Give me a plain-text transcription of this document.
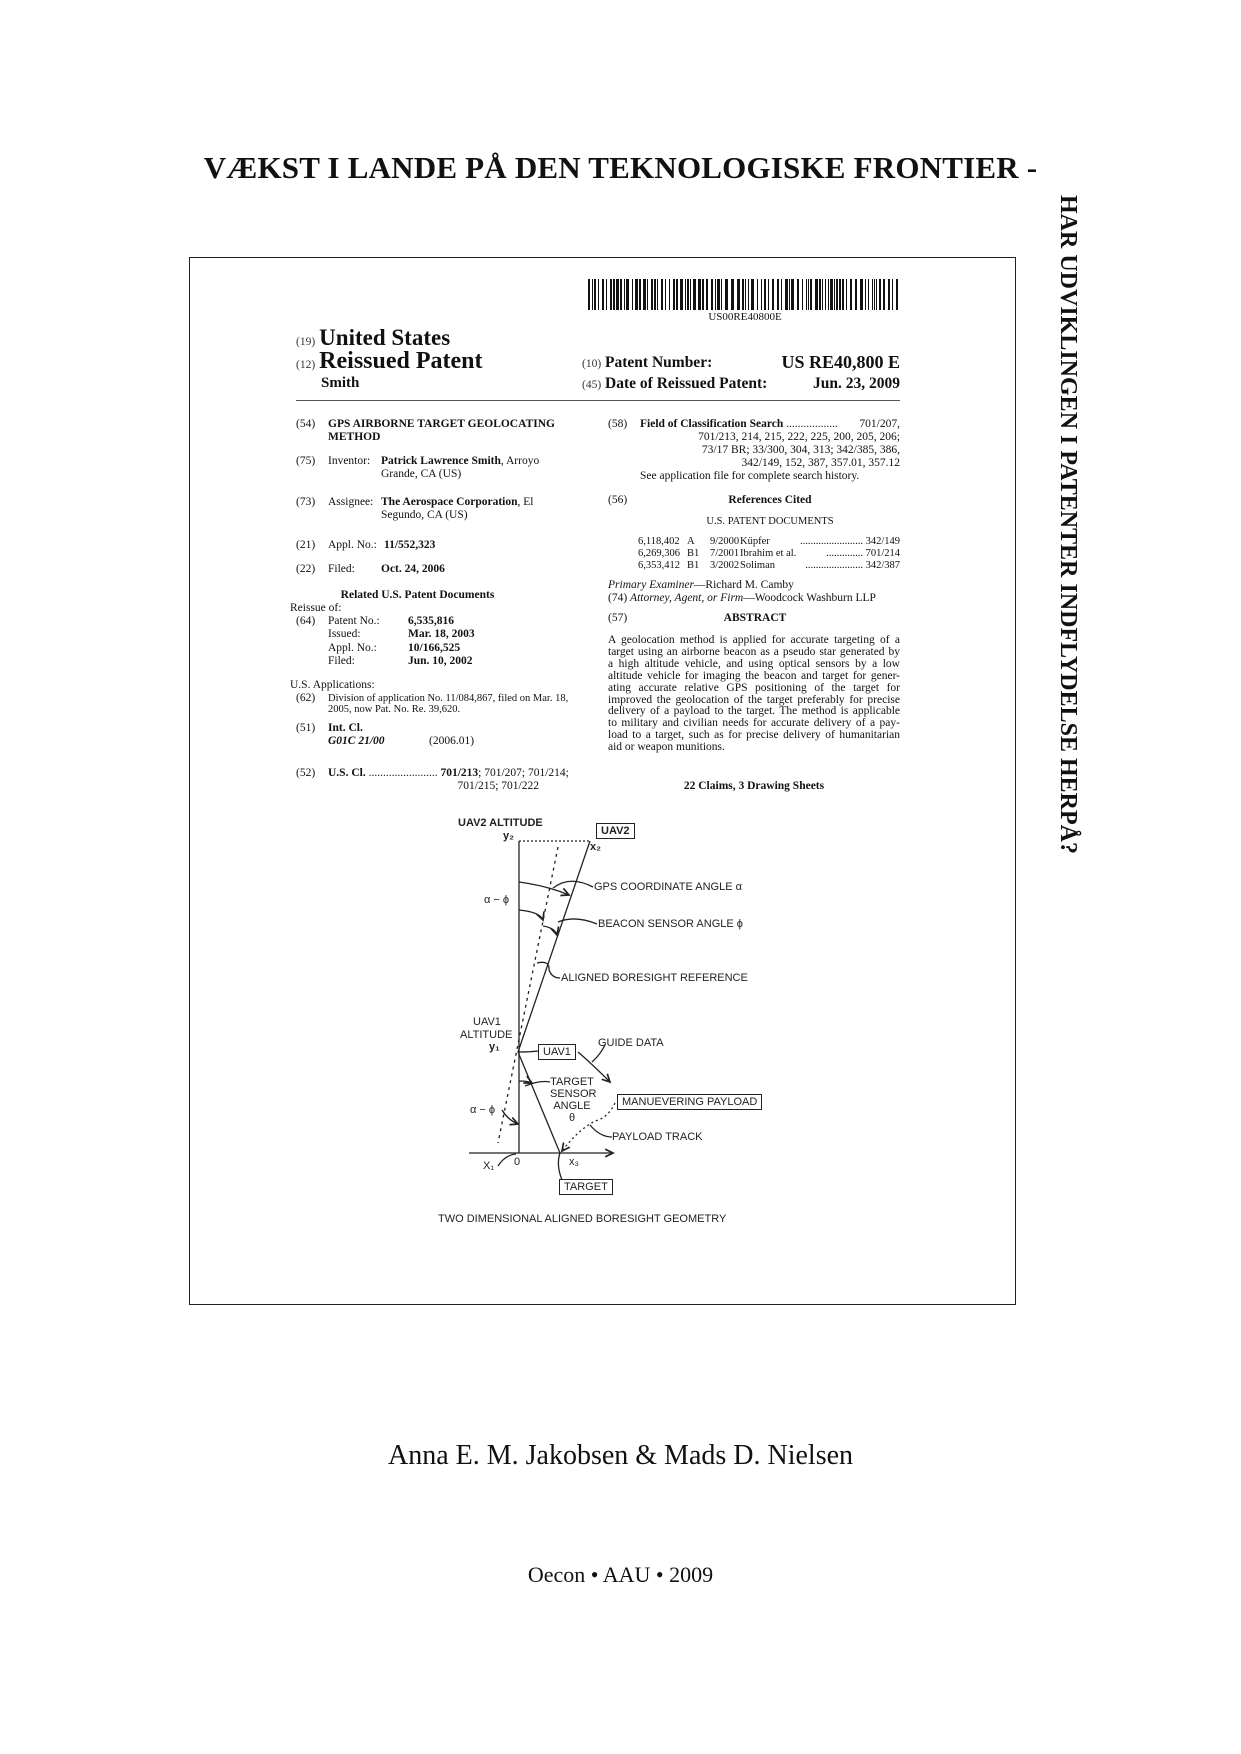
VÆKST I LANDE PÅ DEN TEKNOLOGISKE FRONTIER -
HAR UDVIKLINGEN I PATENTER INDFLYDELSE HERPÅ?
US00RE40800E
(19) United States
(12) Reissued Patent
Smith
(10) Patent Number:	US RE40,800 E
(45) Date of Reissued Patent:	Jun. 23, 2009
(54) GPS AIRBORNE TARGET GEOLOCATING

METHOD
(75) Inventor: Patrick Lawrence Smith, Arroyo

Grande, CA (US)
(73) Assignee: The Aerospace Corporation, El

Segundo, CA (US)
(21) Appl. No.: 11/552,323
(22) Filed: Oct. 24, 2006
Related U.S. Patent Documents
Reissue of:
(64) Patent No.: 6,535,816
Issued:	Mar. 18, 2003
Appl. No.:	10/166,525
Filed:	Jun. 10, 2002
U.S. Applications:
(62) Division of application No. 11/084,867, filed on Mar. 18,

2005, now Pat. No. Re. 39,620.
(51) Int. Cl.

G01C 21/00	(2006.01)
(52) U.S. Cl. ........................ 701/213; 701/207; 701/214;
701/215; 701/222
(58) Field of Classification Search .................. 701/207,
701/213, 214, 215, 222, 225, 200, 205, 206;
73/17 BR; 33/300, 304, 313; 342/385, 386,
342/149, 152, 387, 357.01, 357.12
See application file for complete search history.
(56)	References Cited
U.S. PATENT DOCUMENTS
6,118,402 A 9/2000 Küpfer	........................ 342/149
6,269,306 B1 7/2001 Ibrahim et al.	.............. 701/214
6,353,412 B1 3/2002 Soliman	...................... 342/387
Primary Examiner—Richard M. Camby
(74) Attorney, Agent, or Firm—Woodcock Washburn LLP
(57)	ABSTRACT
A geolocation method is applied for accurate targeting of a
target using an airborne beacon as a pseudo star generated by
a high altitude vehicle, and using optical sensors by a low
altitude vehicle for imaging the beacon and target for gener-
ating accurate relative GPS positioning of the target for
improved the geolocation of the target preferably for precise
delivery of a payload to the target. The method is applicable
to military and civilian needs for accurate delivery of a pay-
load to a target, such as for precise delivery of humanitarian
aid or weapon munitions.
22 Claims, 3 Drawing Sheets
UAV2 ALTITUDE
y₂	UAV2
x₂
GPS COORDINATE ANGLE α
α − ϕ
BEACON SENSOR ANGLE ϕ
ALIGNED BORESIGHT REFERENCE
UAV1
ALTITUDE
y₁	UAV1
GUIDE DATA
TARGET
SENSOR
ANGLE
θ
MANUEVERING PAYLOAD
α − ϕ
PAYLOAD TRACK
X₁ 0	x₃
TARGET
TWO DIMENSIONAL ALIGNED BORESIGHT GEOMETRY
Anna E. M. Jakobsen & Mads D. Nielsen
Oecon • AAU • 2009
